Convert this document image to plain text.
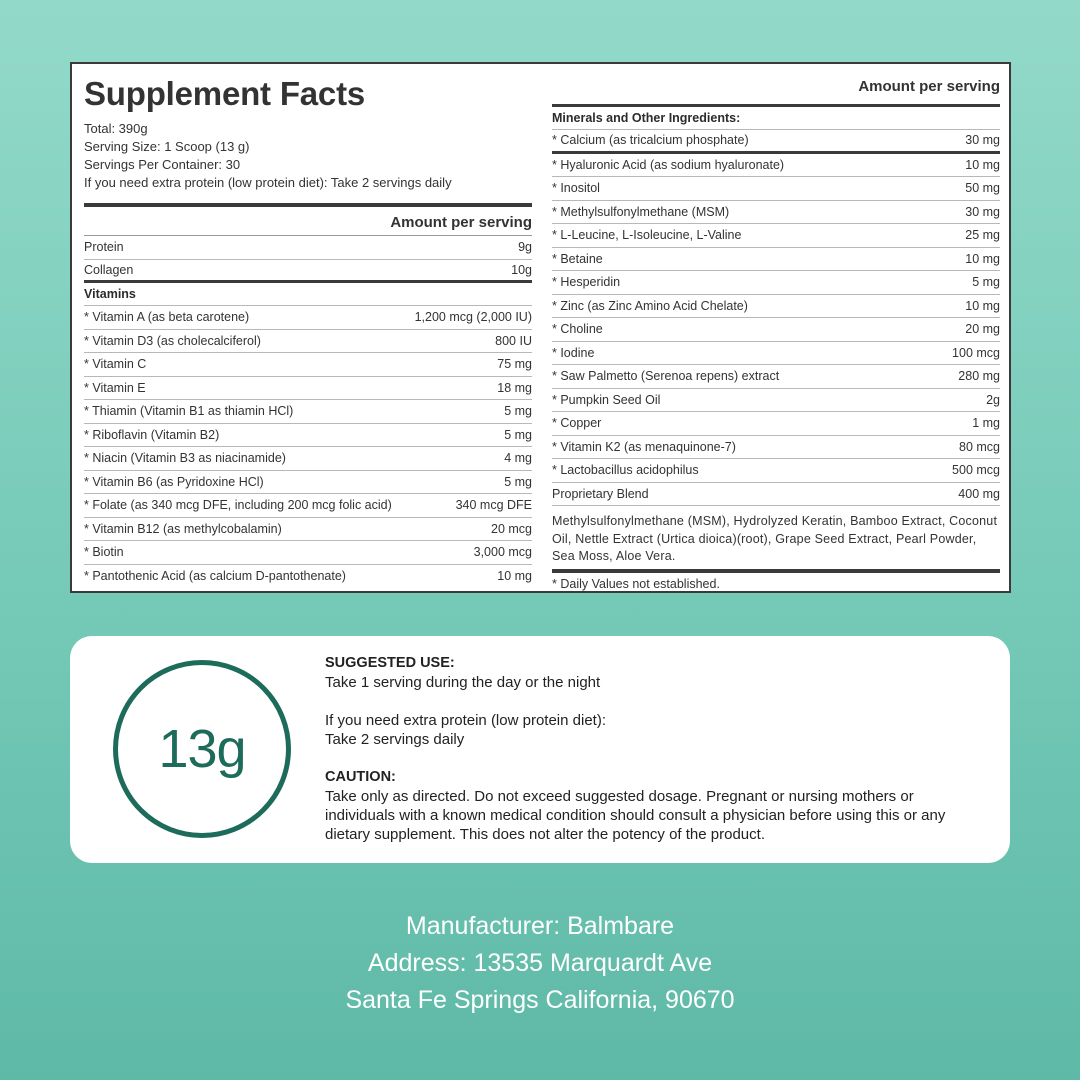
Supplement Facts
Total: 390g
Serving Size: 1 Scoop (13 g)
Servings Per Container: 30
If you need extra protein (low protein diet): Take 2 servings daily
Amount per serving
Protein	9g
Collagen	10g
Vitamins
* Vitamin A (as beta carotene)	1,200 mcg (2,000 IU)
* Vitamin D3 (as cholecalciferol)	800 IU
* Vitamin C	75 mg
* Vitamin E	18 mg
* Thiamin (Vitamin B1 as thiamin HCl)	5 mg
* Riboflavin (Vitamin B2)	5 mg
* Niacin (Vitamin B3 as niacinamide)	4 mg
* Vitamin B6 (as Pyridoxine HCl)	5 mg
* Folate (as 340 mcg DFE, including 200 mcg folic acid)	340 mcg DFE
* Vitamin B12 (as methylcobalamin)	20 mcg
* Biotin	3,000 mcg
* Pantothenic Acid (as calcium D-pantothenate)	10 mg
Amount per serving
Minerals and Other Ingredients:
* Calcium (as tricalcium phosphate)	30 mg
* Hyaluronic Acid (as sodium hyaluronate)	10 mg
* Inositol	50 mg
* Methylsulfonylmethane (MSM)	30 mg
* L-Leucine, L-Isoleucine, L-Valine	25 mg
* Betaine	10 mg
* Hesperidin	5 mg
* Zinc (as Zinc Amino Acid Chelate)	10 mg
* Choline	20 mg
* Iodine	100 mcg
* Saw Palmetto (Serenoa repens) extract	280 mg
* Pumpkin Seed Oil	2g
* Copper	1 mg
* Vitamin K2 (as menaquinone-7)	80 mcg
* Lactobacillus acidophilus	500 mcg
Proprietary Blend	400 mg
Methylsulfonylmethane (MSM), Hydrolyzed Keratin, Bamboo Extract, Coconut Oil, Nettle Extract (Urtica dioica)(root), Grape Seed Extract, Pearl Powder, Sea Moss, Aloe Vera.
* Daily Values not established.
13g
SUGGESTED USE:
Take 1 serving during the day or the night
If you need extra protein (low protein diet):
Take 2 servings daily
CAUTION:
Take only as directed. Do not exceed suggested dosage. Pregnant or nursing mothers or individuals with a known medical condition should consult a physician before using this or any dietary supplement. This does not alter the potency of the product.
Manufacturer: Balmbare
Address: 13535 Marquardt Ave
Santa Fe Springs California, 90670
